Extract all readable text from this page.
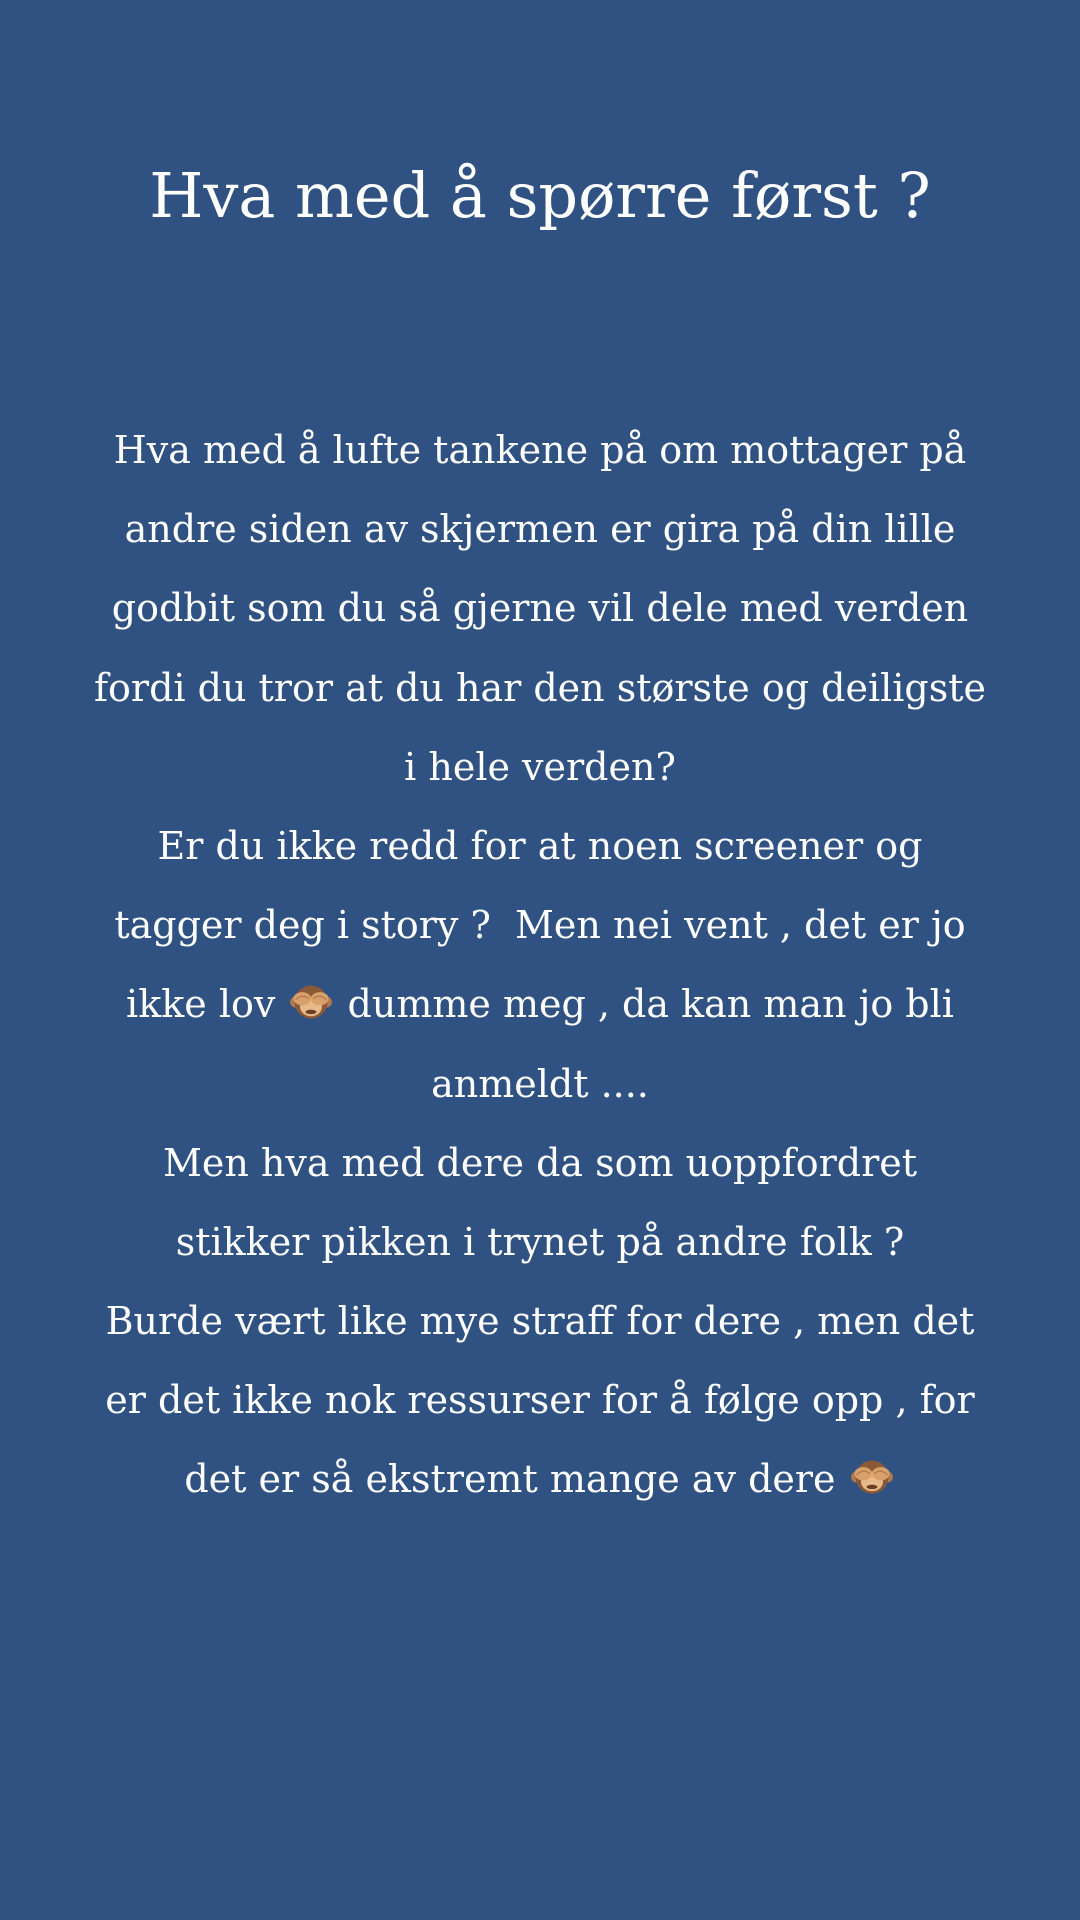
Hva med å spørre først ?
Hva med å lufte tankene på om mottager på
andre siden av skjermen er gira på din lille
godbit som du så gjerne vil dele med verden
fordi du tror at du har den største og deiligste
i hele verden?
Er du ikke redd for at noen screener og
tagger deg i story ?  Men nei vent , det er jo
ikke lov dumme meg , da kan man jo bli
anmeldt ....
Men hva med dere da som uoppfordret
stikker pikken i trynet på andre folk ?
Burde vært like mye straff for dere , men det
er det ikke nok ressurser for å følge opp , for
det er så ekstremt mange av dere
